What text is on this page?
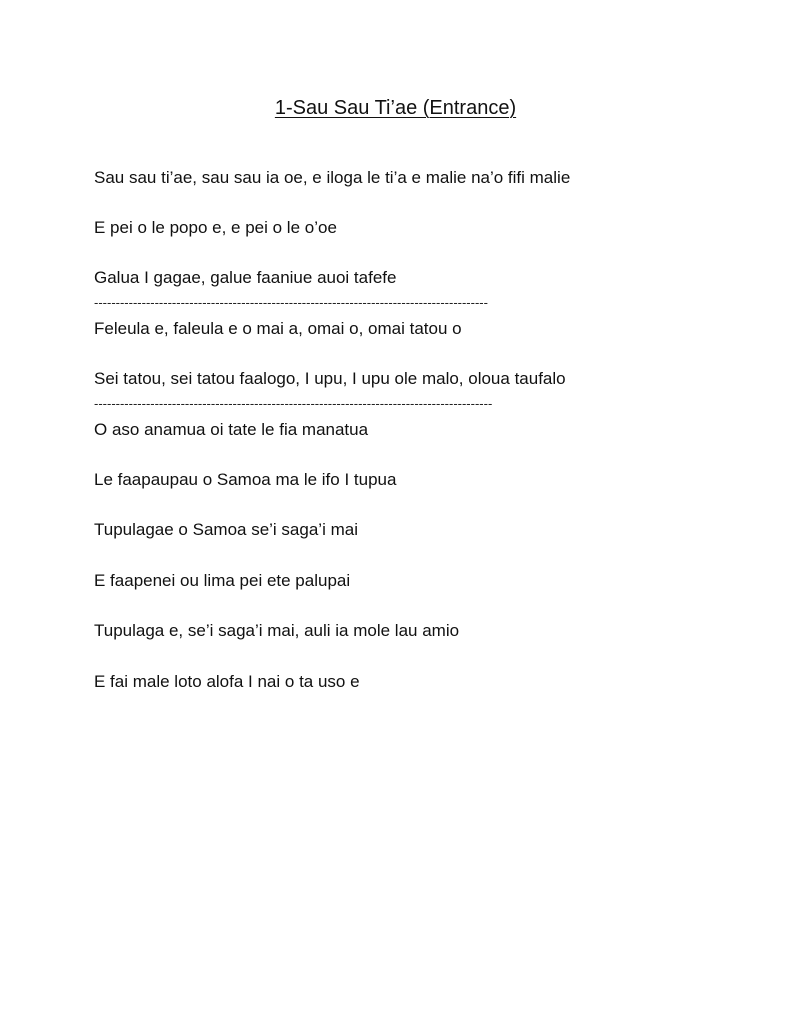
1-Sau Sau Ti’ae (Entrance)
Sau sau ti’ae, sau sau ia oe, e iloga le ti’a e malie na’o fifi malie
E pei o le popo e, e pei o le o’oe
Galua I gagae, galue faaniue auoi tafefe
-------------------------------------------------------------------------------------------
Feleula e, faleula e o mai a, omai o, omai tatou o
Sei tatou, sei tatou faalogo, I upu, I upu ole malo, oloua taufalo
--------------------------------------------------------------------------------------------
O aso anamua oi tate le fia manatua
Le faapaupau o Samoa ma le ifo I tupua
Tupulagae o Samoa se’i saga’i mai
E faapenei ou lima pei ete palupai
Tupulaga e, se’i saga’i mai, auli ia mole lau amio
E fai male loto alofa I nai o ta uso e
